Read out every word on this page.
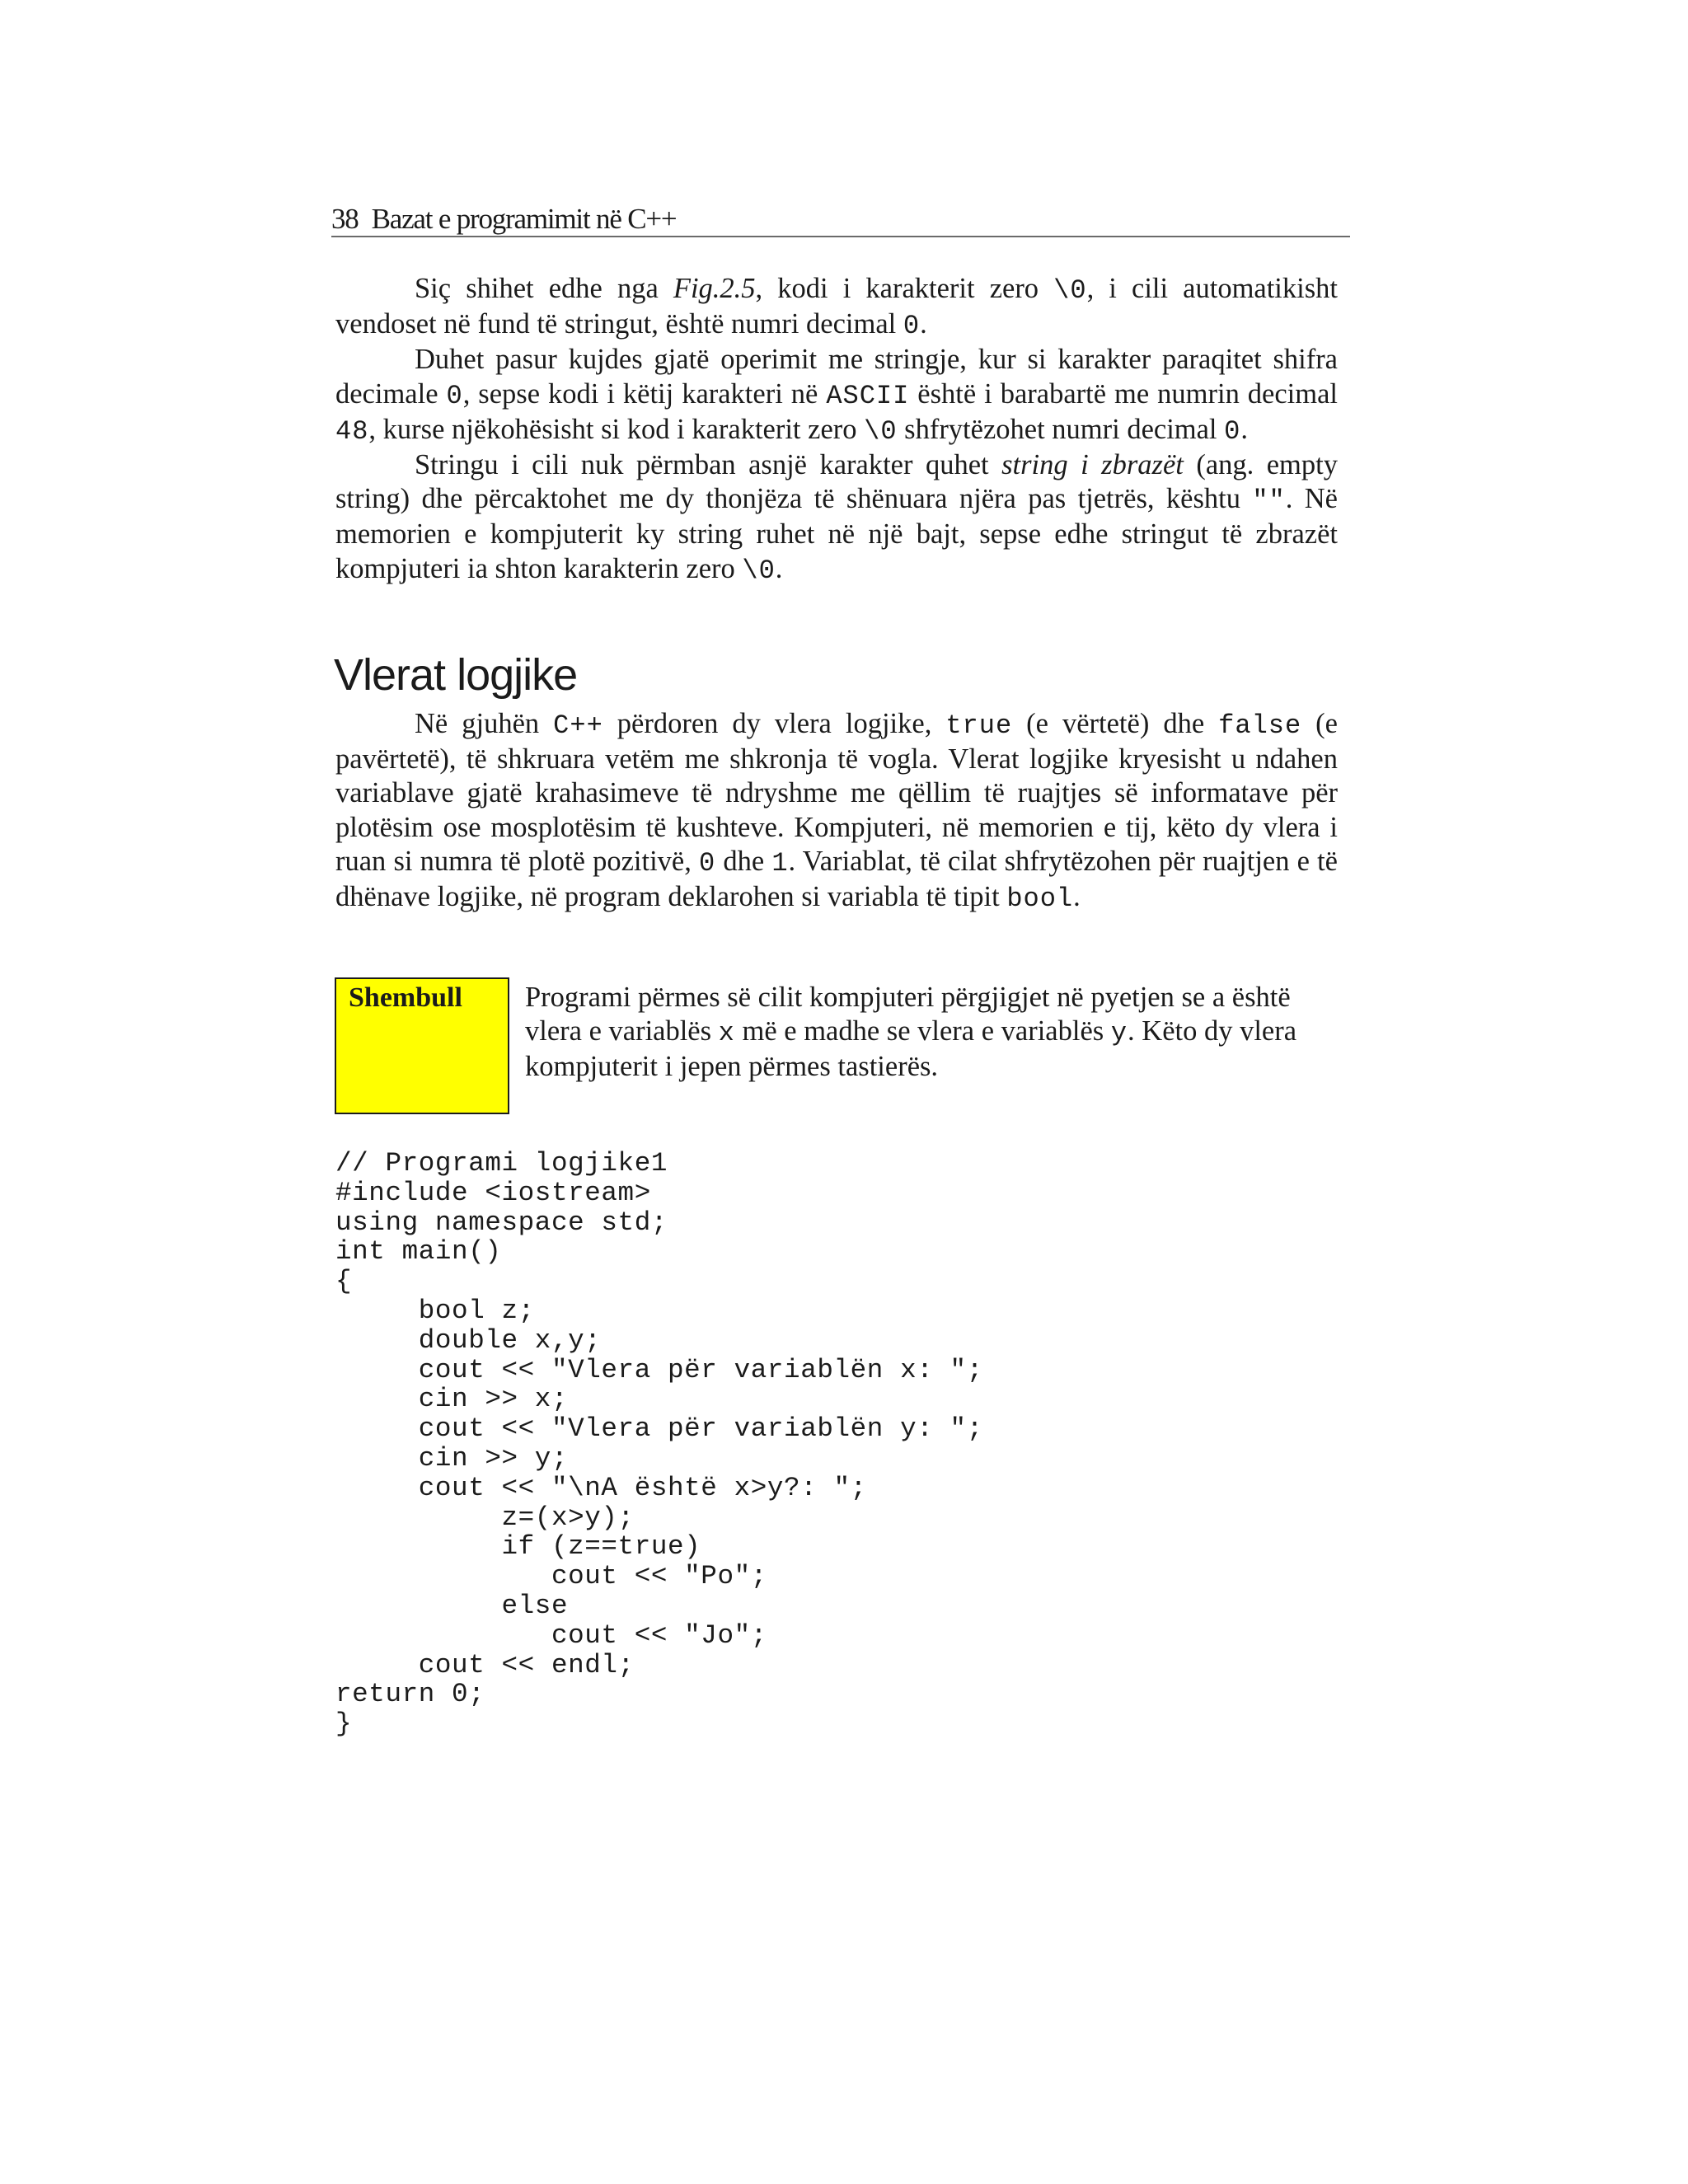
38 Bazat e programimit në C++

Siç shihet edhe nga Fig.2.5, kodi i karakterit zero \0, i cili automatikisht vendoset në fund të stringut, është numri decimal 0.

Duhet pasur kujdes gjatë operimit me stringje, kur si karakter paraqitet shifra decimale 0, sepse kodi i këtij karakteri në ASCII është i barabartë me numrin decimal 48, kurse njëkohësisht si kod i karakterit zero \0 shfrytëzohet numri decimal 0.

Stringu i cili nuk përmban asnjë karakter quhet string i zbrazët (ang. empty string) dhe përcaktohet me dy thonjëza të shënuara njëra pas tjetrës, kështu "". Në memorien e kompjuterit ky string ruhet në një bajt, sepse edhe stringut të zbrazët kompjuteri ia shton karakterin zero \0.

Vlerat logjike

Në gjuhën C++ përdoren dy vlera logjike, true (e vërtetë) dhe false (e pavërtetë), të shkruara vetëm me shkronja të vogla. Vlerat logjike kryesisht u ndahen variablave gjatë krahasimeve të ndryshme me qëllim të ruajtjes së informatave për plotësim ose mosplotësim të kushteve. Kompjuteri, në memorien e tij, këto dy vlera i ruan si numra të plotë pozitivë, 0 dhe 1. Variablat, të cilat shfrytëzohen për ruajtjen e të dhënave logjike, në program deklarohen si variabla të tipit bool.

Shembull Programi përmes së cilit kompjuteri përgjigjet në pyetjen se a është vlera e variablës x më e madhe se vlera e variablës y. Këto dy vlera kompjuterit i jepen përmes tastierës.
// Programi logjike1
#include <iostream>
using namespace std;
int main()
{
bool z;
double x,y;
cout << "Vlera për variablën x: ";
cin >> x;
cout << "Vlera për variablën y: ";
cin >> y;
cout << "\nA është x>y?: ";
z=(x>y);
if (z==true)
cout << "Po";
else
cout << "Jo";
cout << endl;
return 0;
}
